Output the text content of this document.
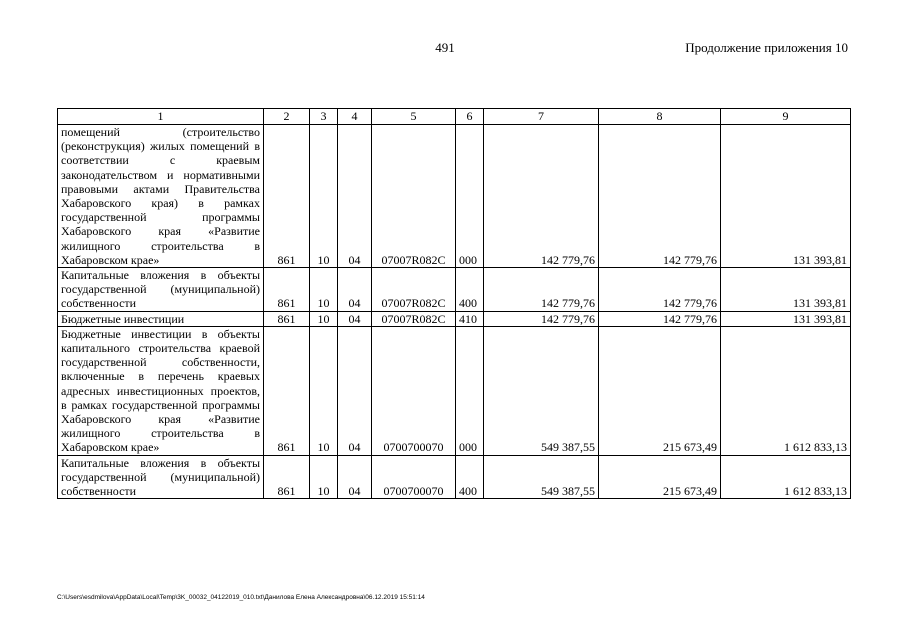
491	Продолжение приложения 10
1	2	3	4	5	6	7	8	9
помещений (строительство (реконструкция) жилых помещений в соответствии с краевым законодательством и нормативными правовыми актами Правительства Хабаровского края) в рамках государственной программы Хабаровского края «Развитие жилищного строительства в Хабаровском крае»	861	10	04	07007R082C	000	142 779,76	142 779,76	131 393,81
Капитальные вложения в объекты государственной (муниципальной) собственности	861	10	04	07007R082C	400	142 779,76	142 779,76	131 393,81
Бюджетные инвестиции	861	10	04	07007R082C	410	142 779,76	142 779,76	131 393,81
Бюджетные инвестиции в объекты капитального строительства краевой государственной собственности, включенные в перечень краевых адресных инвестиционных проектов, в рамках государственной программы Хабаровского края «Развитие жилищного строительства в Хабаровском крае»	861	10	04	0700700070	000	549 387,55	215 673,49	1 612 833,13
Капитальные вложения в объекты государственной (муниципальной) собственности	861	10	04	0700700070	400	549 387,55	215 673,49	1 612 833,13
C:\Users\esdmilova\AppData\Local\Temp\3K_00032_04122019_010.txt\Данилова Елена Александровна\06.12.2019 15:51:14
